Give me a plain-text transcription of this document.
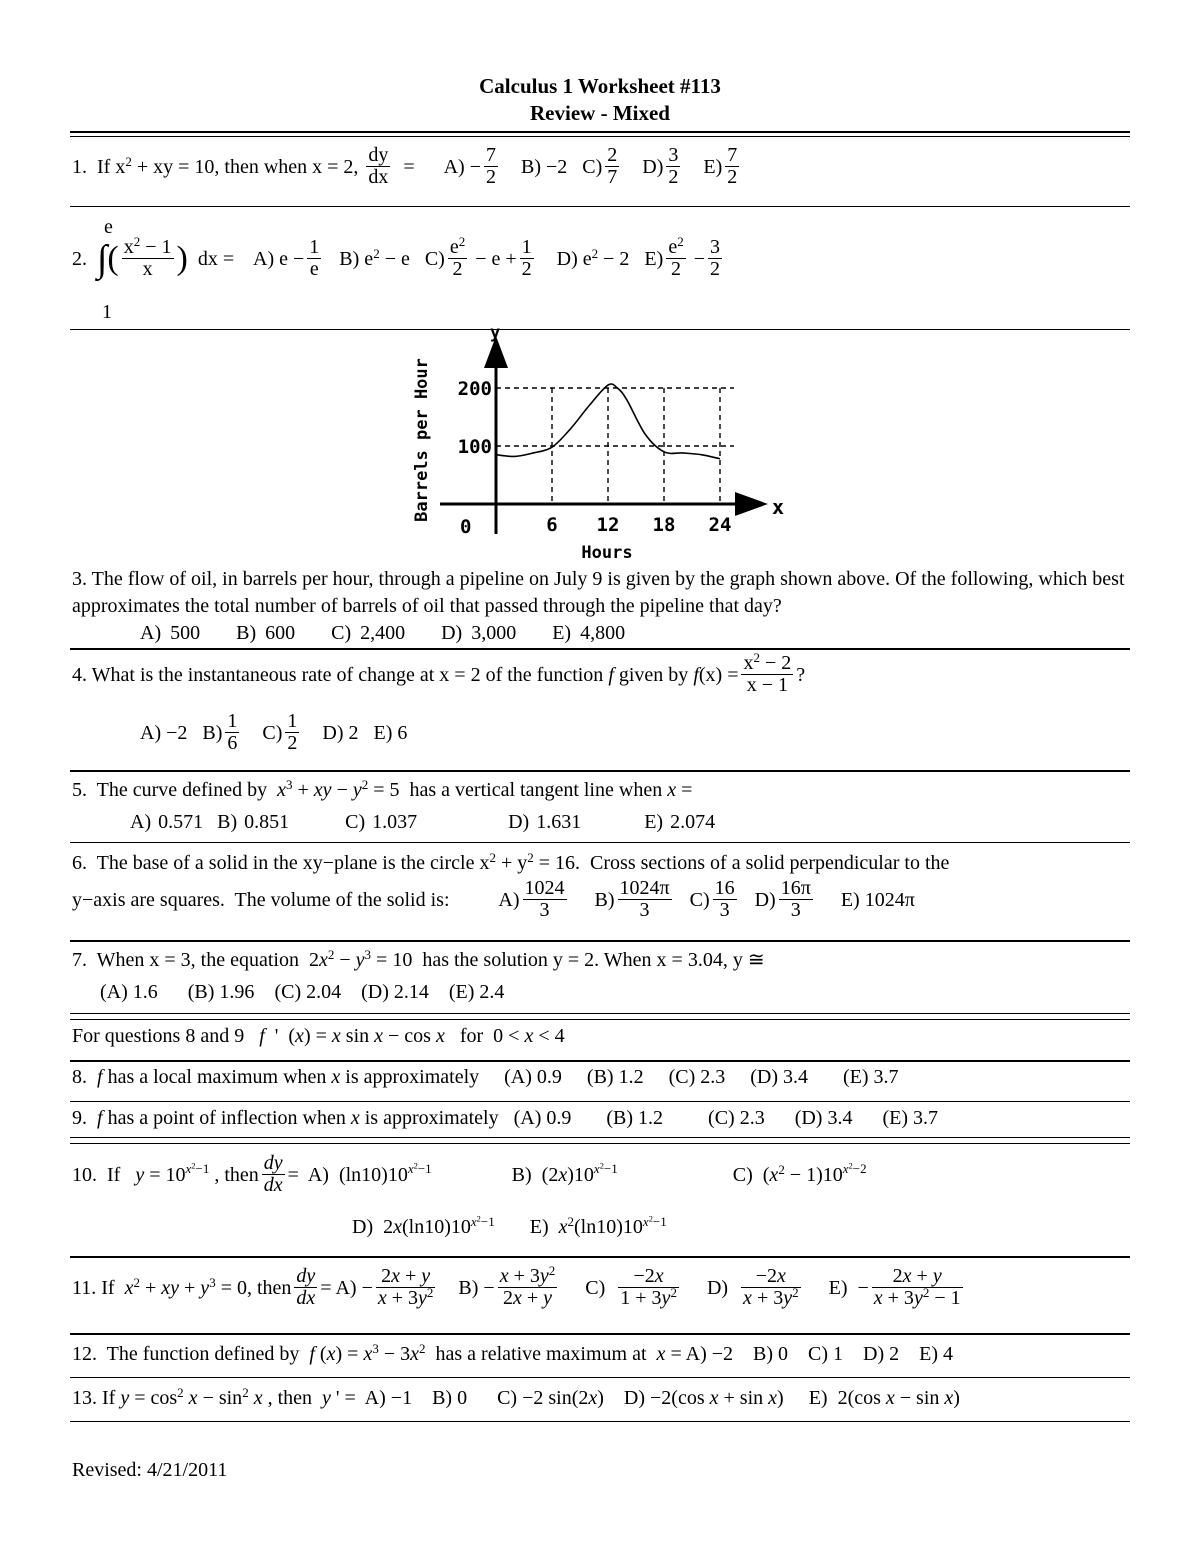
Calculus 1 Worksheet #113
Review - Mixed
1.  If $x^2$ + xy = 10, then when x = 2, $\frac{dy}{dx}$ =      $A) - \frac{7}{2} B) -2$   $C) \frac{2}{7} D) \frac{3}{2} E) \frac{7}{2}$
e
2.  ∫( $\frac{x^2 - 1}{x}$ )  dx =    A) $e - \frac{1}{e} B$) $e^2 - e$   $C) \frac{e^2}{2} - e + \frac{1}{2} D$) $e^2 - 2$   $E) \frac{e^2}{2} - \frac{3}{2}$
1
6 12 18 24
100
200
Hours
Barrels per Hour	x
y
0
3. The flow of oil, in barrels per hour, through a pipeline on July 9 is given by the graph shown above. Of the following, which best approximates the total number of barrels of oil that passed through the pipeline that day?
A) 500 B) 600 C) 2,400 D) 3,000 E) 4,800
4. What is the instantaneous rate of change at x = 2 of the function f given by $f(x) = \frac{x^2 - 2}{x - 1}$ ?
A) −2   $B) \frac{1}{6} C) \frac{1}{2} D$) 2   E) 6
5.  The curve defined by  $x^3$ + xy − $y^2 = 5$  has a vertical tangent line when x =
A) 0.571 B) 0.851	C) 1.037	D) 1.631	E) 2.074
6.  The base of a solid in the xy−plane is the circle $x^2 + y^2 = 16$.  Cross sections of a solid perpendicular to the
y−axis are squares.  The volume of the solid is:          $A) \frac{1024}{3} B) \frac{1024\pi}{3} C) \frac{16}{3} D) \frac{16\pi}{3} E$) 1024π
7.  When x = 3, the equation  $2x^2 - y^3 = 10$  has the solution y = 2. When x = 3.04, y ≅
(A) 1.6 (B) 1.96 (C) 2.04 (D) 2.14 (E) 2.4
For questions 8 and 9   f  '  (x) = x sin x − cos x   for  0 < x < 4
8.  f has a local maximum when x is approximately     (A) 0.9 (B) 1.2 (C) 2.3 (D) 3.4 (E) 3.7
9.  f has a point of inflection when x is approximately   (A) 0.9 (B) 1.2 (C) 2.3 (D) 3.4 (E) 3.7
10.  If   $y = 10^{x^2-1}$ , then $\frac{dy}{dx} = A$)  $(\ln 10)10^{x^2-1}$                B)  $(2x)10^{x^2-1}$                       C)  $(x^2 - 1)10^{x^2-2}$
D)  $2x(\ln 10)10^{x^2-1}$       E)  $x^2(\ln 10)10^{x^2-1}$
11. If  $x^2$ + xy + $y^3 = 0$, then $\frac{dy}{dx} = A) - \frac{2x + y}{x + 3y^2} B) - \frac{x + 3y^2}{2x + y} C) \frac{-2x}{1 + 3y^2} D) \frac{-2x}{x + 3y^2} E) - \frac{2x + y}{x + 3y^2 - 1}$
12.  The function defined by  f $(x) = x^3 - 3x^2$  has a relative maximum at  x = A) −2 B) 0 C) 1 D) 2 E) 4
13. If $y = \cos^2 x - \sin^2 x$ , then  y ' =  A) −1    B) 0      C) −2 sin(2x)    D) −2(cos x + sin x)     E)  2(cos x − sin x)
Revised: 4/21/2011
